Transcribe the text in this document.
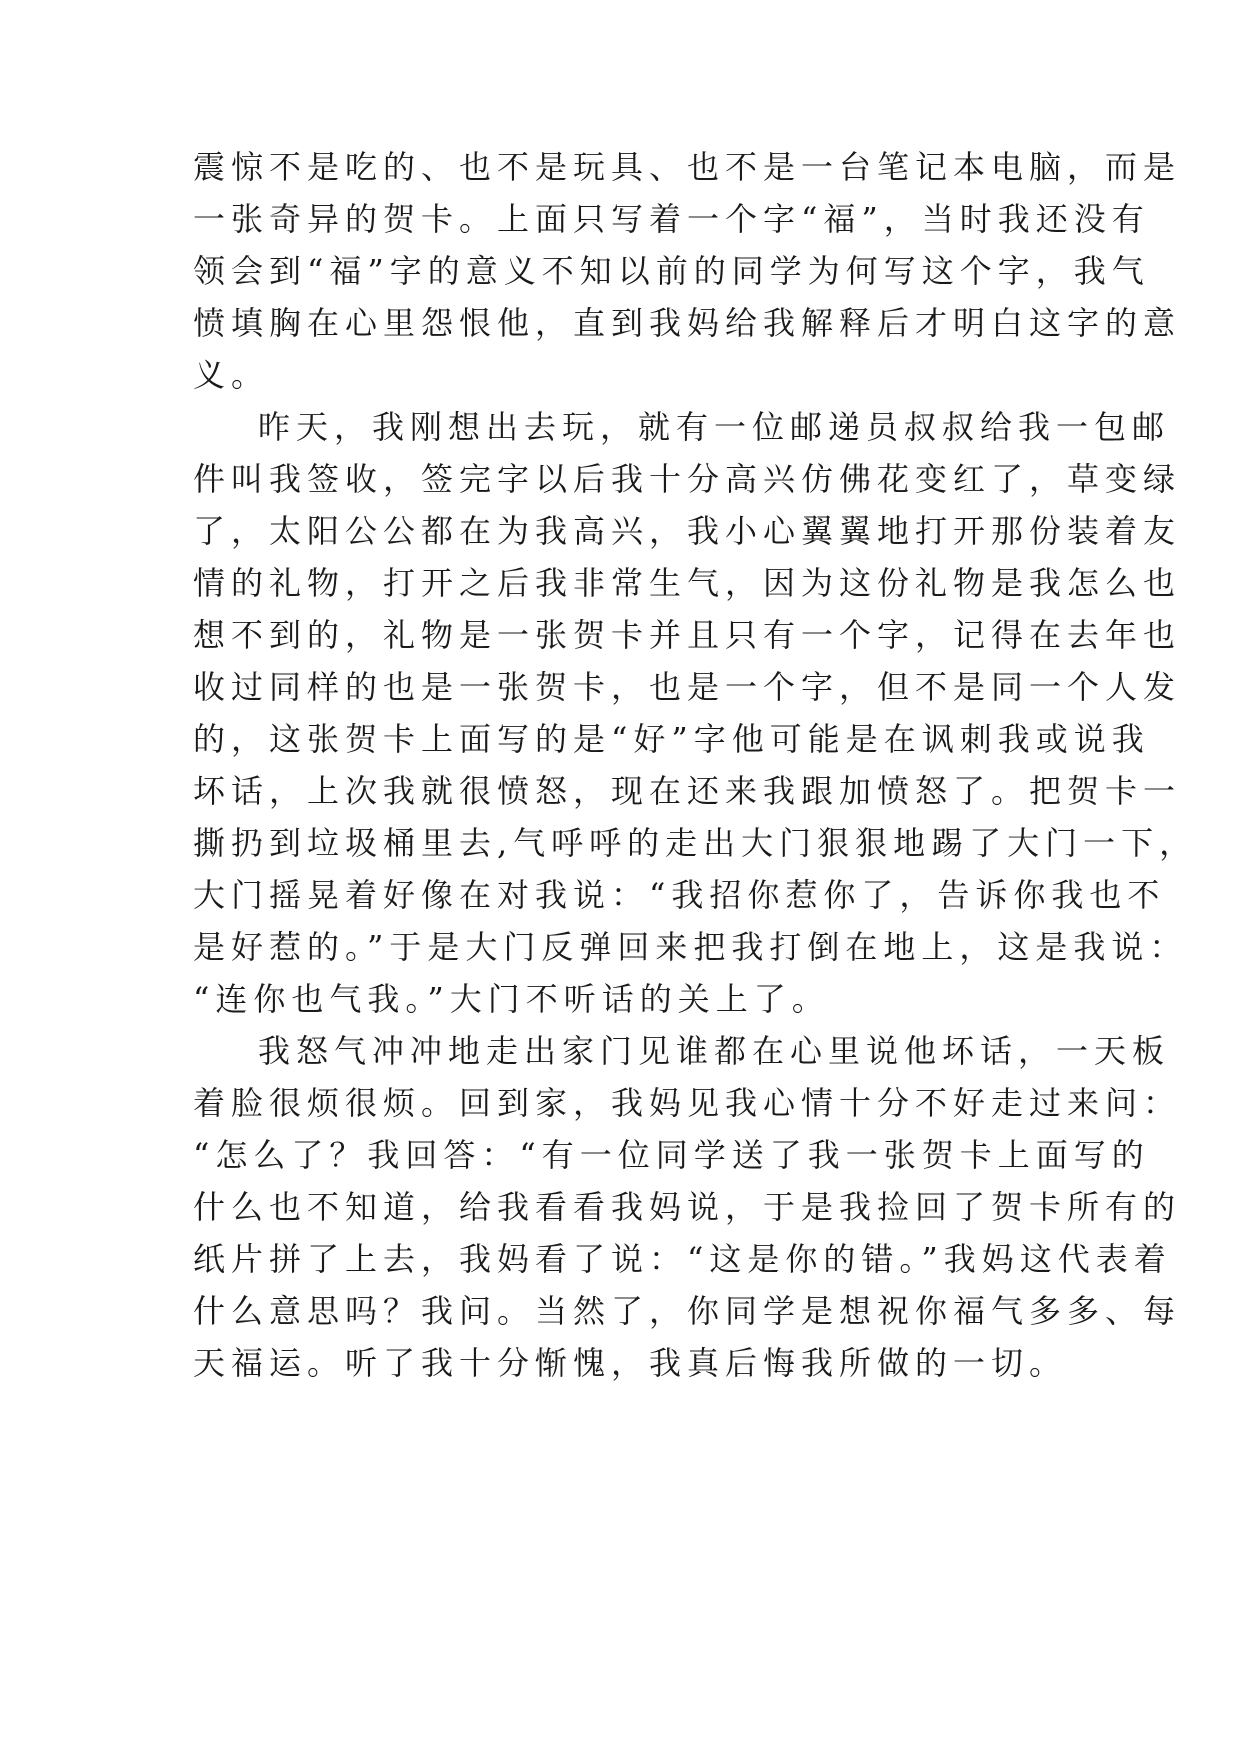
震惊不是吃的、也不是玩具、也不是一台笔记本电脑，而是
一张奇异的贺卡。上面只写着一个字“福”，当时我还没有
领会到“福”字的意义不知以前的同学为何写这个字，我气
愤填胸在心里怨恨他，直到我妈给我解释后才明白这字的意
义。
昨天，我刚想出去玩，就有一位邮递员叔叔给我一包邮
件叫我签收，签完字以后我十分高兴仿佛花变红了，草变绿
了，太阳公公都在为我高兴，我小心翼翼地打开那份装着友
情的礼物，打开之后我非常生气，因为这份礼物是我怎么也
想不到的，礼物是一张贺卡并且只有一个字，记得在去年也
收过同样的也是一张贺卡，也是一个字，但不是同一个人发
的，这张贺卡上面写的是“好”字他可能是在讽刺我或说我
坏话，上次我就很愤怒，现在还来我跟加愤怒了。把贺卡一
撕扔到垃圾桶里去,气呼呼的走出大门狠狠地踢了大门一下，
大门摇晃着好像在对我说：“我招你惹你了，告诉你我也不
是好惹的。”于是大门反弹回来把我打倒在地上，这是我说：
“连你也气我。”大门不听话的关上了。
我怒气冲冲地走出家门见谁都在心里说他坏话，一天板
着脸很烦很烦。回到家，我妈见我心情十分不好走过来问：
“怎么了？我回答：“有一位同学送了我一张贺卡上面写的
什么也不知道，给我看看我妈说，于是我捡回了贺卡所有的
纸片拼了上去，我妈看了说：“这是你的错。”我妈这代表着
什么意思吗？我问。当然了，你同学是想祝你福气多多、每
天福运。听了我十分惭愧，我真后悔我所做的一切。
